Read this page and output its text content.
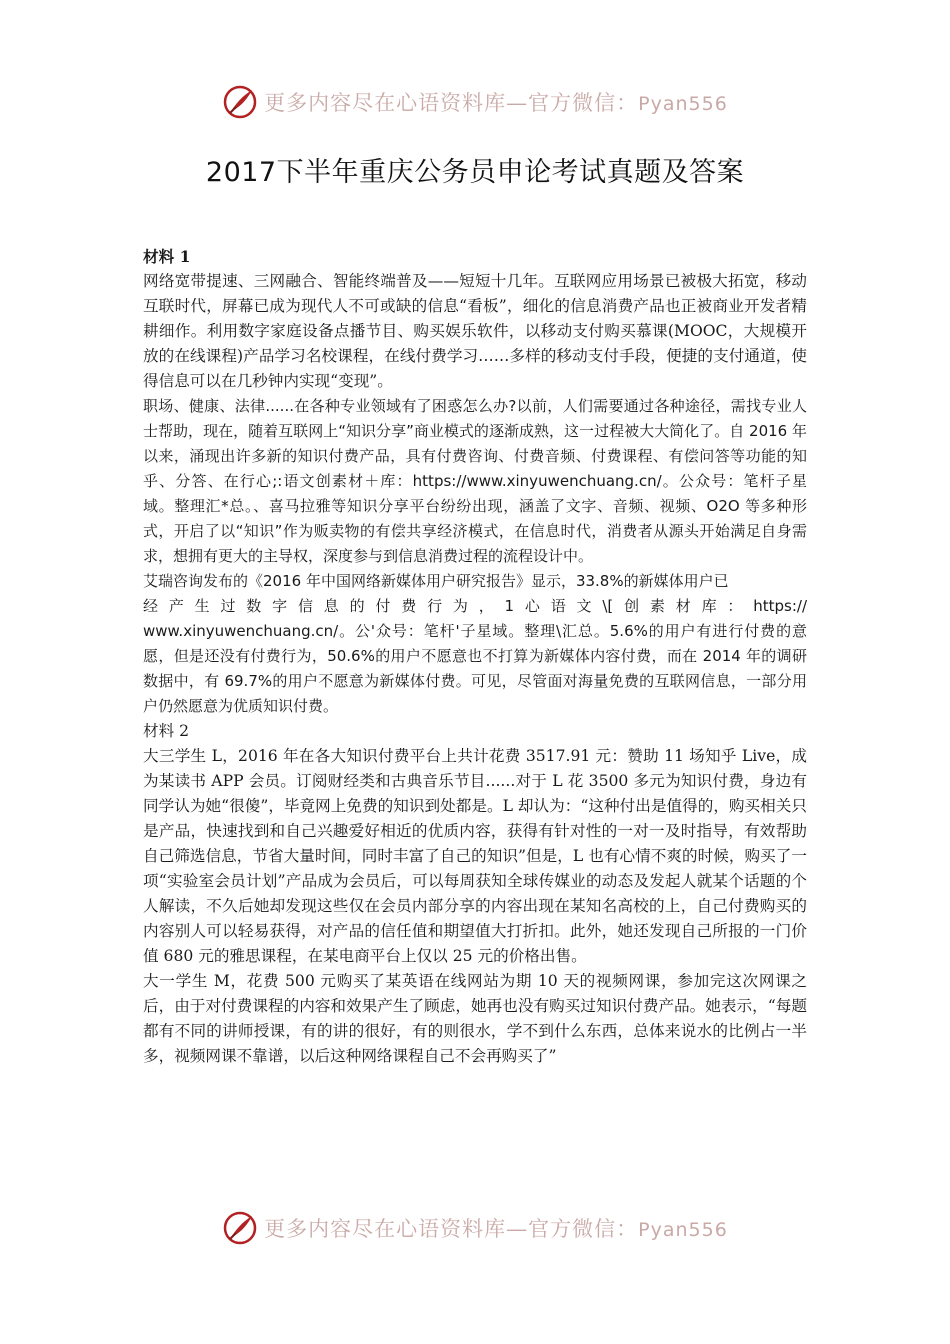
更多内容尽在心语资料库—官方微信：Pyan556
2017下半年重庆公务员申论考试真题及答案

材料 1

网络宽带提速、三网融合、智能终端普及——短短十几年。互联网应用场景已被极大拓宽，移动互联时代，屏幕已成为现代人不可或缺的信息“看板”，细化的信息消费产品也正被商业开发者精耕细作。利用数字家庭设备点播节目、购买娱乐软件，以移动支付购买慕课(MOOC，大规模开放的在线课程)产品学习名校课程，在线付费学习……多样的移动支付手段，便捷的支付通道，使得信息可以在几秒钟内实现“变现”。

职场、健康、法律......在各种专业领域有了困惑怎么办?以前，人们需要通过各种途径，需找专业人士帮助，现在，随着互联网上“知识分享”商业模式的逐渐成熟，这一过程被大大简化了。自 2016 年以来，涌现出许多新的知识付费产品，具有付费咨询、付费音频、付费课程、有偿问答等功能的知乎、分答、在行心;:语文创素材＋库：https://www.xinyuwenchuang.cn/。公众号：笔杆子星域。整理汇*总。、喜马拉雅等知识分享平台纷纷出现，涵盖了文字、音频、视频、O2O 等多种形式，开启了以“知识”作为贩卖物的有偿共享经济模式，在信息时代，消费者从源头开始满足自身需求，想拥有更大的主导权，深度参与到信息消费过程的流程设计中。

艾瑞咨询发布的《2016 年中国网络新媒体用户研究报告》显示，33.8%的新媒体用户已

经产生过数字信息的付费行为，1心语文\[创素材库：https://

www.xinyuwenchuang.cn/。公'众号：笔杆'子星域。整理\汇总。5.6%的用户有进行付费的意愿，但是还没有付费行为，50.6%的用户不愿意也不打算为新媒体内容付费，而在 2014 年的调研数据中，有 69.7%的用户不愿意为新媒体付费。可见，尽管面对海量免费的互联网信息，一部分用户仍然愿意为优质知识付费。

材料 2

大三学生 L，2016 年在各大知识付费平台上共计花费 3517.91 元：赞助 11 场知乎 Live，成为某读书 APP 会员。订阅财经类和古典音乐节目......对于 L 花 3500 多元为知识付费，身边有同学认为她“很傻”，毕竟网上免费的知识到处都是。L 却认为：“这种付出是值得的，购买相关只是产品，快速找到和自己兴趣爱好相近的优质内容，获得有针对性的一对一及时指导，有效帮助自己筛选信息，节省大量时间，同时丰富了自己的知识”但是，L 也有心情不爽的时候，购买了一项“实验室会员计划”产品成为会员后，可以每周获知全球传媒业的动态及发起人就某个话题的个人解读，不久后她却发现这些仅在会员内部分享的内容出现在某知名高校的上，自己付费购买的内容别人可以轻易获得，对产品的信任值和期望值大打折扣。此外，她还发现自己所报的一门价值 680 元的雅思课程，在某电商平台上仅以 25 元的价格出售。

大一学生 M，花费 500 元购买了某英语在线网站为期 10 天的视频网课，参加完这次网课之后，由于对付费课程的内容和效果产生了顾虑，她再也没有购买过知识付费产品。她表示，“每题都有不同的讲师授课，有的讲的很好，有的则很水，学不到什么东西，总体来说水的比例占一半多，视频网课不靠谱，以后这种网络课程自己不会再购买了”

更多内容尽在心语资料库—官方微信：Pyan556
